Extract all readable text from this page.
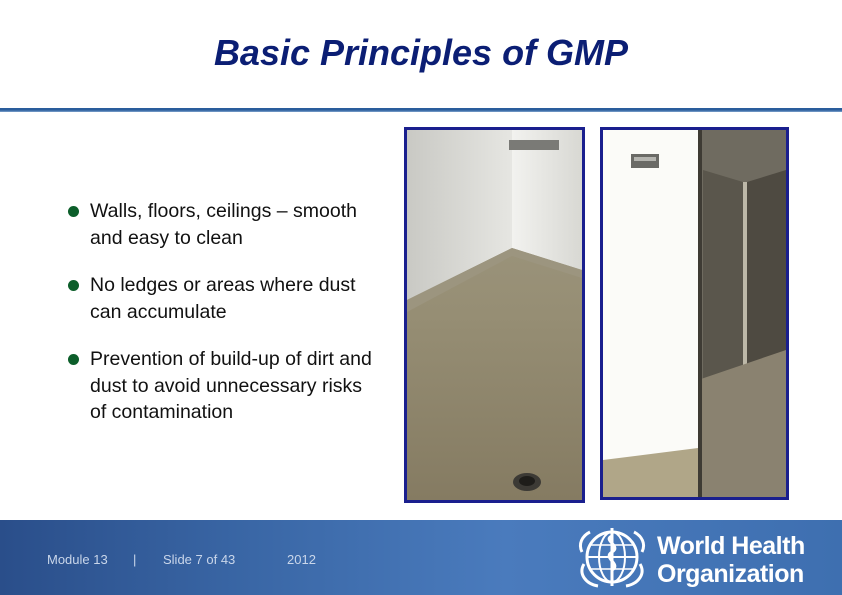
Basic Principles of GMP
Walls, floors, ceilings – smooth and easy to clean
No ledges or areas where dust can accumulate
Prevention of build-up of dirt and dust to avoid unnecessary risks of contamination
Module 13 | Slide 7 of 43	2012	World Health
Organization
